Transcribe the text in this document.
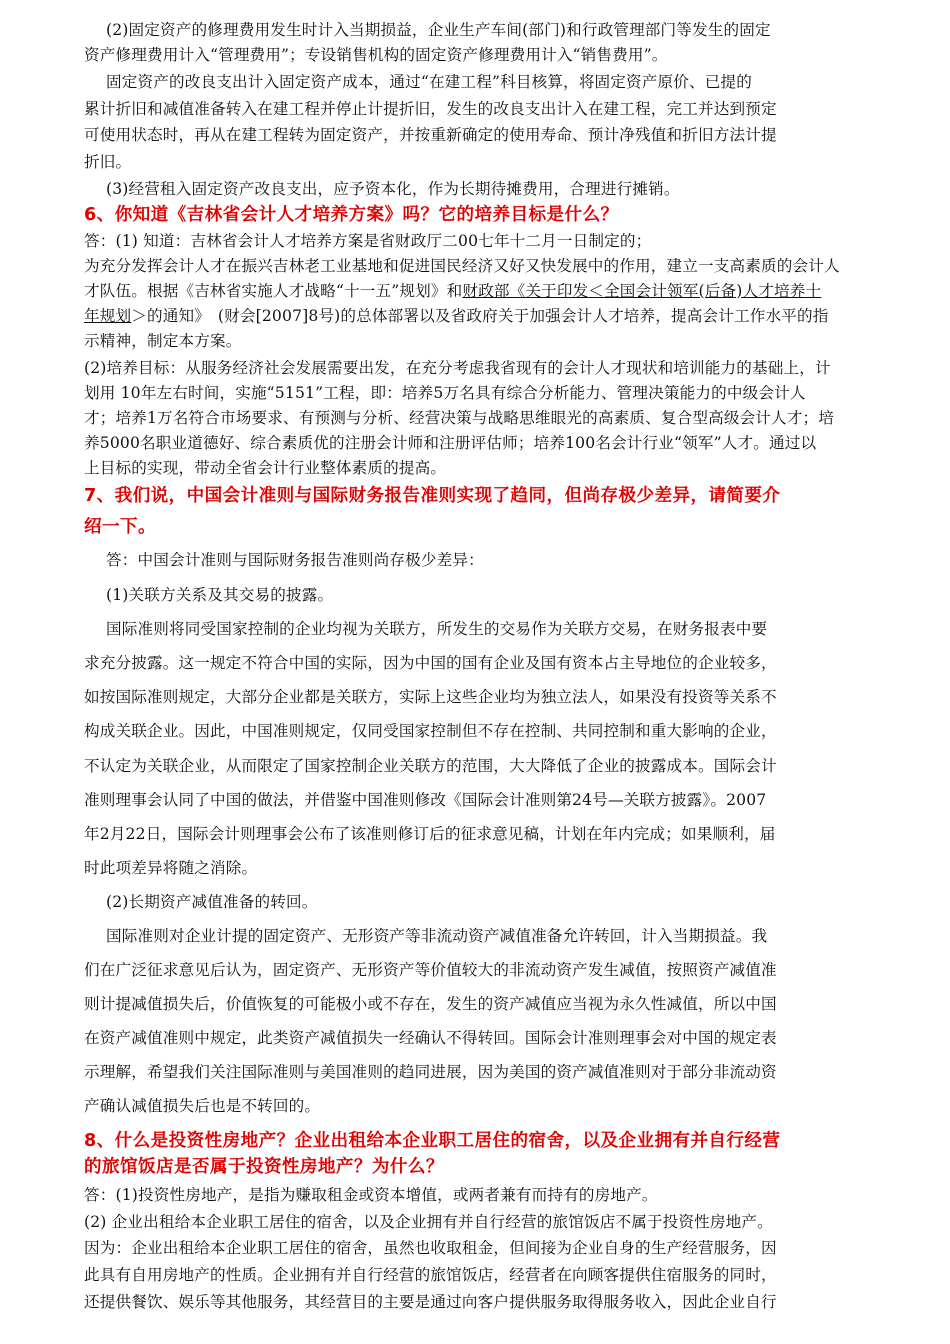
(2)固定资产的修理费用发生时计入当期损益，企业生产车间(部门)和行政管理部门等发生的固定
资产修理费用计入“管理费用”；专设销售机构的固定资产修理费用计入“销售费用”。
固定资产的改良支出计入固定资产成本，通过“在建工程”科目核算，将固定资产原价、已提的
累计折旧和减值准备转入在建工程并停止计提折旧，发生的改良支出计入在建工程，完工并达到预定
可使用状态时，再从在建工程转为固定资产，并按重新确定的使用寿命、预计净残值和折旧方法计提
折旧。
(3)经营租入固定资产改良支出，应予资本化，作为长期待摊费用，合理进行摊销。
6、你知道《吉林省会计人才培养方案》吗？它的培养目标是什么？
答：(1) 知道：吉林省会计人才培养方案是省财政厅二00七年十二月一日制定的；
为充分发挥会计人才在振兴吉林老工业基地和促进国民经济又好又快发展中的作用，建立一支高素质的会计人
才队伍。根据《吉林省实施人才战略“十一五”规划》和财政部《关于印发＜全国会计领军(后备)人才培养十
年规划＞的通知》　(财会[2007]8号)的总体部署以及省政府关于加强会计人才培养，提高会计工作水平的指
示精神，制定本方案。
(2)培养目标：从服务经济社会发展需要出发，在充分考虑我省现有的会计人才现状和培训能力的基础上，计
划用 10年左右时间，实施“5151”工程，即：培养5万名具有综合分析能力、管理决策能力的中级会计人
才；培养1万名符合市场要求、有预测与分析、经营决策与战略思维眼光的高素质、复合型高级会计人才；培
养5000名职业道德好、综合素质优的注册会计师和注册评估师；培养100名会计行业“领军”人才。通过以
上目标的实现，带动全省会计行业整体素质的提高。
7、我们说，中国会计准则与国际财务报告准则实现了趋同，但尚存极少差异，请简要介
绍一下。
答：中国会计准则与国际财务报告准则尚存极少差异：
(1)关联方关系及其交易的披露。
国际准则将同受国家控制的企业均视为关联方，所发生的交易作为关联方交易，在财务报表中要
求充分披露。这一规定不符合中国的实际，因为中国的国有企业及国有资本占主导地位的企业较多，
如按国际准则规定，大部分企业都是关联方，实际上这些企业均为独立法人，如果没有投资等关系不
构成关联企业。因此，中国准则规定，仅同受国家控制但不存在控制、共同控制和重大影响的企业，
不认定为关联企业，从而限定了国家控制企业关联方的范围，大大降低了企业的披露成本。国际会计
准则理事会认同了中国的做法，并借鉴中国准则修改《国际会计准则第24号—关联方披露》。2007
年2月22日，国际会计则理事会公布了该准则修订后的征求意见稿，计划在年内完成；如果顺利，届
时此项差异将随之消除。
(2)长期资产减值准备的转回。
国际准则对企业计提的固定资产、无形资产等非流动资产减值准备允许转回，计入当期损益。我
们在广泛征求意见后认为，固定资产、无形资产等价值较大的非流动资产发生减值，按照资产减值准
则计提减值损失后，价值恢复的可能极小或不存在，发生的资产减值应当视为永久性减值，所以中国
在资产减值准则中规定，此类资产减值损失一经确认不得转回。国际会计准则理事会对中国的规定表
示理解，希望我们关注国际准则与美国准则的趋同进展，因为美国的资产减值准则对于部分非流动资
产确认减值损失后也是不转回的。
8、什么是投资性房地产？企业出租给本企业职工居住的宿舍，以及企业拥有并自行经营
的旅馆饭店是否属于投资性房地产？为什么？
答：(1)投资性房地产，是指为赚取租金或资本增值，或两者兼有而持有的房地产。
(2) 企业出租给本企业职工居住的宿舍，以及企业拥有并自行经营的旅馆饭店不属于投资性房地产。
因为：企业出租给本企业职工居住的宿舍，虽然也收取租金，但间接为企业自身的生产经营服务，因
此具有自用房地产的性质。企业拥有并自行经营的旅馆饭店，经营者在向顾客提供住宿服务的同时，
还提供餐饮、娱乐等其他服务，其经营目的主要是通过向客户提供服务取得服务收入，因此企业自行
